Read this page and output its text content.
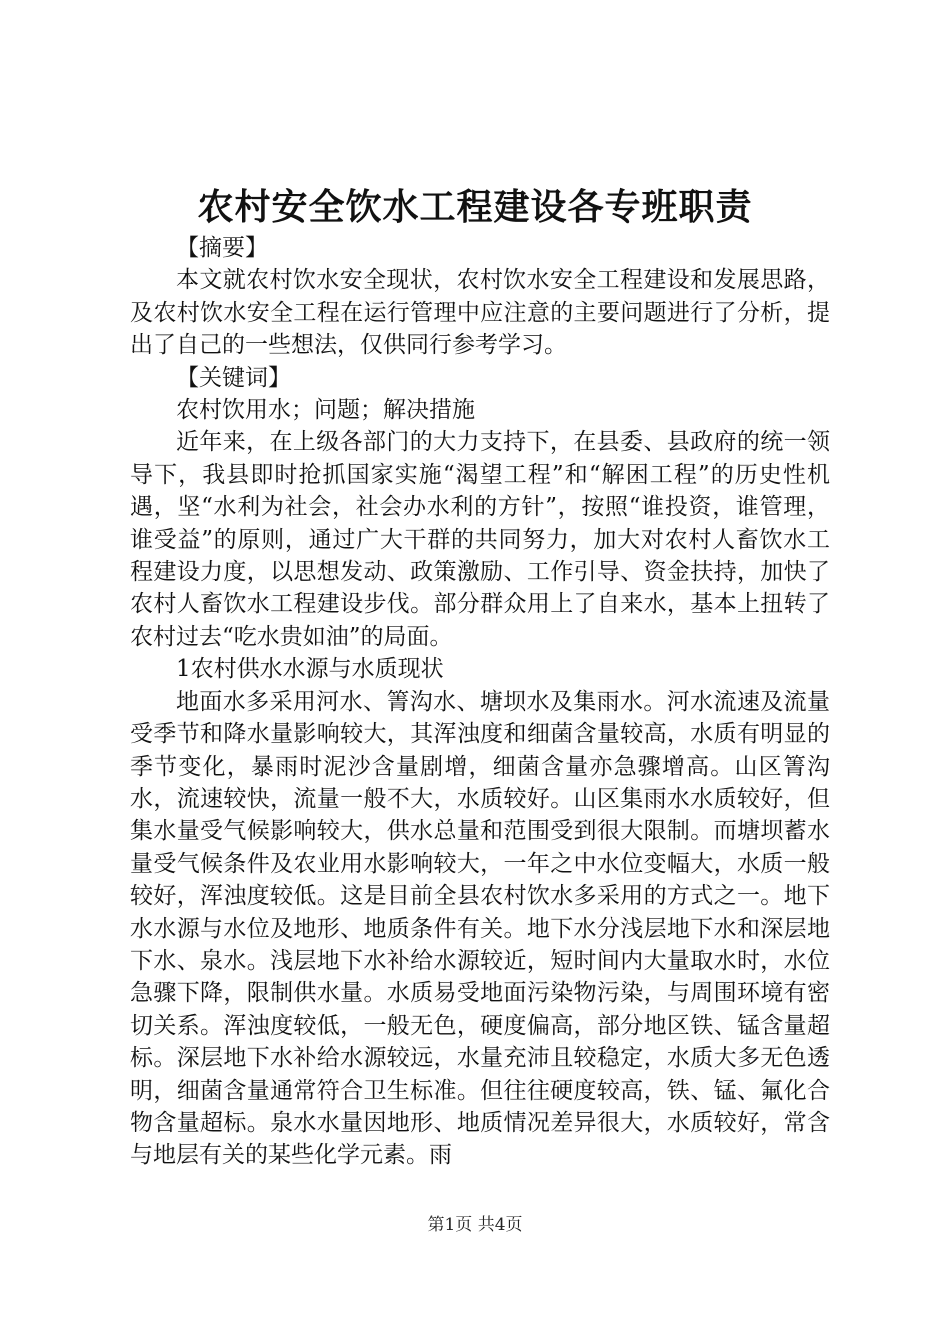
农村安全饮水工程建设各专班职责

【摘要】

本文就农村饮水安全现状，农村饮水安全工程建设和发展思路，及农村饮水安全工程在运行管理中应注意的主要问题进行了分析，提出了自己的一些想法，仅供同行参考学习。

【关键词】

农村饮用水；问题；解决措施

近年来，在上级各部门的大力支持下，在县委、县政府的统一领导下，我县即时抢抓国家实施“渴望工程”和“解困工程”的历史性机遇，坚“水利为社会，社会办水利的方针”，按照“谁投资，谁管理，谁受益”的原则，通过广大干群的共同努力，加大对农村人畜饮水工程建设力度，以思想发动、政策激励、工作引导、资金扶持，加快了农村人畜饮水工程建设步伐。部分群众用上了自来水，基本上扭转了农村过去“吃水贵如油”的局面。

1农村供水水源与水质现状

地面水多采用河水、箐沟水、塘坝水及集雨水。河水流速及流量受季节和降水量影响较大，其浑浊度和细菌含量较高，水质有明显的季节变化，暴雨时泥沙含量剧增，细菌含量亦急骤增高。山区箐沟水，流速较快，流量一般不大，水质较好。山区集雨水水质较好，但集水量受气候影响较大，供水总量和范围受到很大限制。而塘坝蓄水量受气候条件及农业用水影响较大，一年之中水位变幅大，水质一般较好，浑浊度较低。这是目前全县农村饮水多采用的方式之一。地下水水源与水位及地形、地质条件有关。地下水分浅层地下水和深层地下水、泉水。浅层地下水补给水源较近，短时间内大量取水时，水位急骤下降，限制供水量。水质易受地面污染物污染，与周围环境有密切关系。浑浊度较低，一般无色，硬度偏高，部分地区铁、锰含量超标。深层地下水补给水源较远，水量充沛且较稳定，水质大多无色透明，细菌含量通常符合卫生标准。但往往硬度较高，铁、锰、氟化合物含量超标。泉水水量因地形、地质情况差异很大，水质较好，常含与地层有关的某些化学元素。雨

第1页 共4页
